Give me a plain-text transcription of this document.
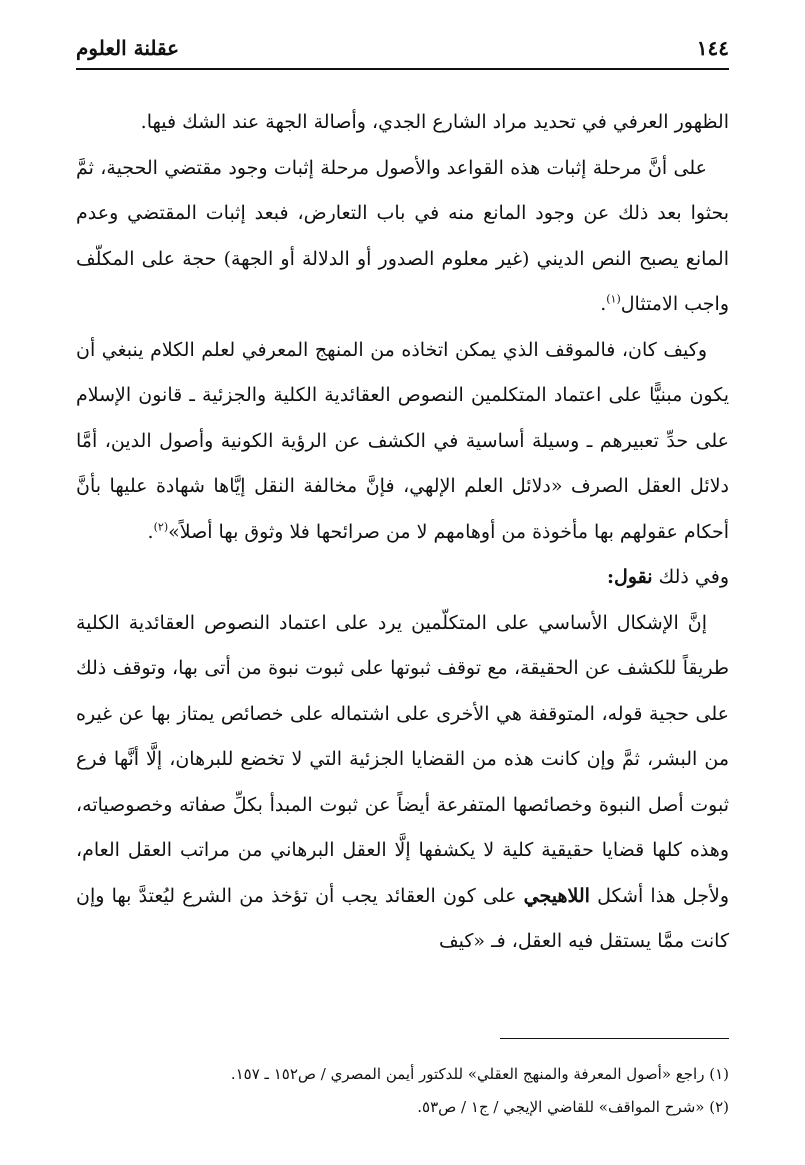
١٤٤
عقلنة العلوم

الظهور العرفي في تحديد مراد الشارع الجدي، وأصالة الجهة عند الشك فيها.

على أنَّ مرحلة إثبات هذه القواعد والأصول مرحلة إثبات وجود مقتضي الحجية، ثمَّ بحثوا بعد ذلك عن وجود المانع منه في باب التعارض، فبعد إثبات المقتضي وعدم المانع يصبح النص الديني (غير معلوم الصدور أو الدلالة أو الجهة) حجة على المكلّف واجب الامتثال$^{(١)}$.

وكيف كان، فالموقف الذي يمكن اتخاذه من المنهج المعرفي لعلم الكلام ينبغي أن يكون مبنيًّا على اعتماد المتكلمين النصوص العقائدية الكلية والجزئية ـ قانون الإسلام على حدِّ تعبيرهم ـ وسيلة أساسية في الكشف عن الرؤية الكونية وأصول الدين، أمَّا دلائل العقل الصرف «دلائل العلم الإلهي، فإنَّ مخالفة النقل إيَّاها شهادة عليها بأنَّ أحكام عقولهم بها مأخوذة من أوهامهم لا من صرائحها فلا وثوق بها أصلاً»$^{(٢)}$.

وفي ذلك نقول:

إنَّ الإشكال الأساسي على المتكلّمين يرد على اعتماد النصوص العقائدية الكلية طريقاً للكشف عن الحقيقة، مع توقف ثبوتها على ثبوت نبوة من أتى بها، وتوقف ذلك على حجية قوله، المتوقفة هي الأخرى على اشتماله على خصائص يمتاز بها عن غيره من البشر، ثمَّ وإن كانت هذه من القضايا الجزئية التي لا تخضع للبرهان، إلَّا أنَّها فرع ثبوت أصل النبوة وخصائصها المتفرعة أيضاً عن ثبوت المبدأ بكلِّ صفاته وخصوصياته، وهذه كلها قضايا حقيقية كلية لا يكشفها إلَّا العقل البرهاني من مراتب العقل العام، ولأجل هذا أشكل اللاهيجي على كون العقائد يجب أن تؤخذ من الشرع ليُعتدَّ بها وإن كانت ممَّا يستقل فيه العقل، فـ «كيف

(١) راجع «أصول المعرفة والمنهج العقلي» للدكتور أيمن المصري / ص١٥٢ ـ ١٥٧.

(٢) «شرح المواقف» للقاضي الإيجي / ج١ / ص٥٣.
